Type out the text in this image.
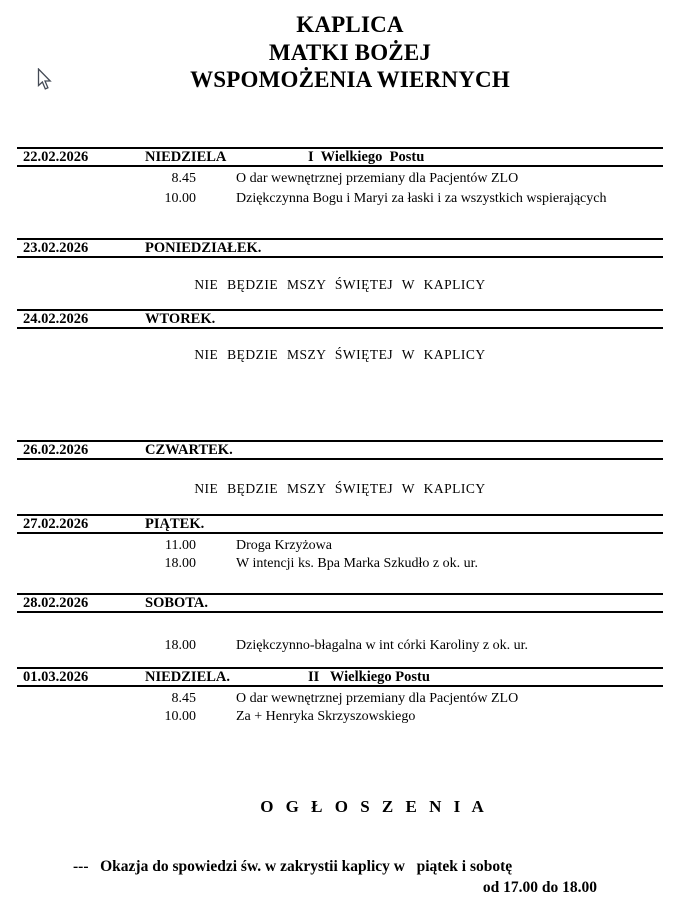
KAPLICA
MATKI BOŻEJ
WSPOMOŻENIA WIERNYCH
22.02.2026	NIEDZIELA	I  Wielkiego  Postu
8.45	O dar wewnętrznej przemiany dla Pacjentów ZLO
10.00	Dziękczynna Bogu i Maryi za łaski i za wszystkich wspierających
23.02.2026	PONIEDZIAŁEK.
NIE BĘDZIE MSZY ŚWIĘTEJ W KAPLICY
24.02.2026	WTOREK.
NIE BĘDZIE MSZY ŚWIĘTEJ W KAPLICY
26.02.2026	CZWARTEK.
NIE BĘDZIE MSZY ŚWIĘTEJ W KAPLICY
27.02.2026	PIĄTEK.
11.00	Droga Krzyżowa
18.00	W intencji ks. Bpa Marka Szkudło z ok. ur.
28.02.2026	SOBOTA.
18.00	Dziękczynno-błagalna w int córki Karoliny z ok. ur.
01.03.2026	NIEDZIELA.	II   Wielkiego Postu
8.45	O dar wewnętrznej przemiany dla Pacjentów ZLO
10.00	Za + Henryka Skrzyszowskiego
O G Ł O S Z E N I A
---   Okazja do spowiedzi św. w zakrystii kaplicy w   piątek i sobotę
od 17.00 do 18.00
